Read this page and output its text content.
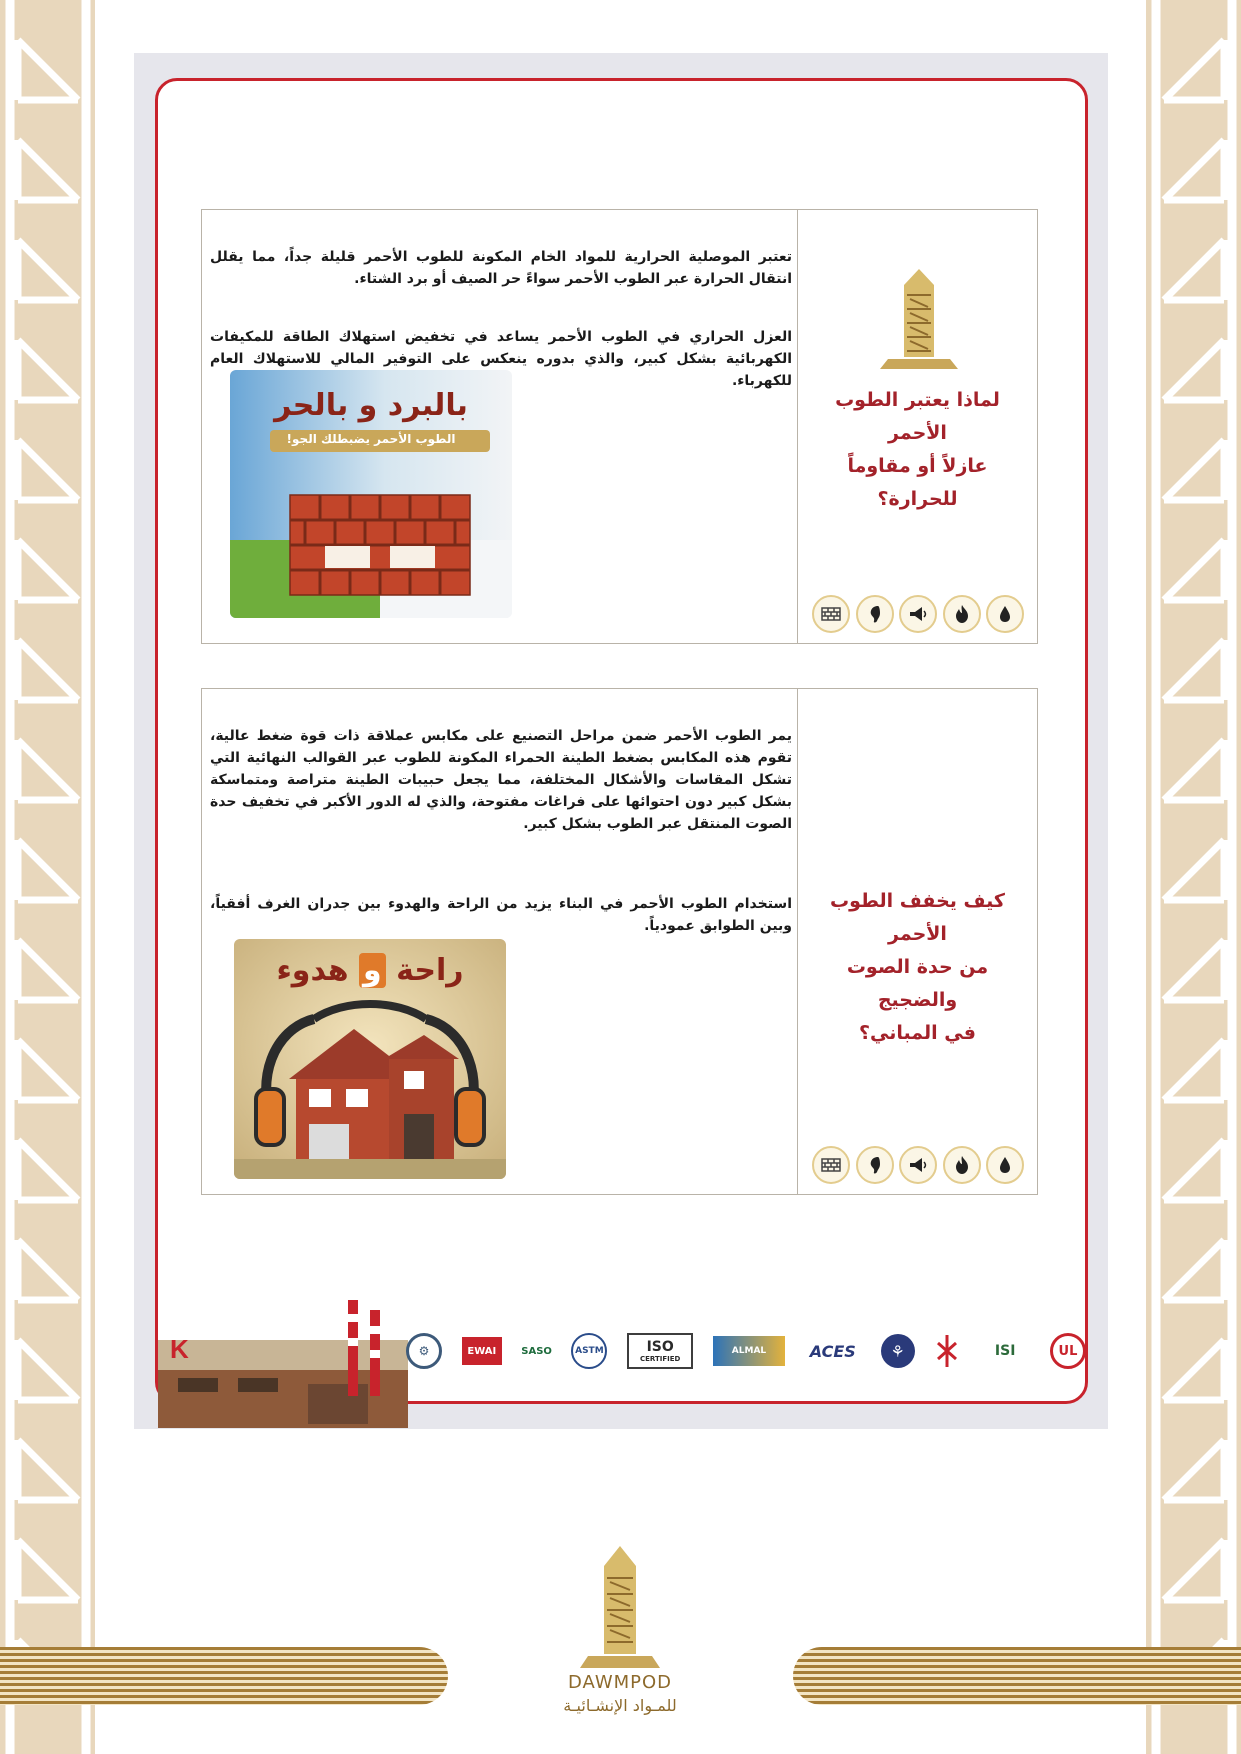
لماذا يعتبر الطوب الأحمر
عازلاً أو مقاوماً للحرارة؟

تعتبر الموصلية الحرارية للمواد الخام المكونة للطوب الأحمر قليلة جداً، مما يقلل انتقال الحرارة عبر الطوب الأحمر سواءً حر الصيف أو برد الشتاء.

العزل الحراري في الطوب الأحمر يساعد في تخفيض استهلاك الطاقة للمكيفات الكهربائية بشكل كبير، والذي بدوره ينعكس على التوفير المالي للاستهلاك العام للكهرباء.

بالبرد و بالحر
الطوب الأحمر يضبطلك الجو!
كيف يخفف الطوب الأحمر
من حدة الصوت والضجيج
في المباني؟

يمر الطوب الأحمر ضمن مراحل التصنيع على مكابس عملاقة ذات قوة ضغط عالية، تقوم هذه المكابس بضغط الطينة الحمراء المكونة للطوب عبر القوالب النهائية التي تشكل المقاسات والأشكال المختلفة، مما يجعل حبيبات الطينة متراصة ومتماسكة بشكل كبير دون احتوائها على فراغات مفتوحة، والذي له الدور الأكبر في تخفيف حدة الصوت المنتقل عبر الطوب بشكل كبير.

استخدام الطوب الأحمر في البناء يزيد من الراحة والهدوء بين جدران الغرف أفقياً، وبين الطوابق عمودياً.

راحة و هدوء
K	⚙	EWAI	SASO	ASTM	ISO
CERTIFIED
ALMAL	ACES ⚘	ISI	UL
DAWMPOD
للمـواد الإنشـائيـة
